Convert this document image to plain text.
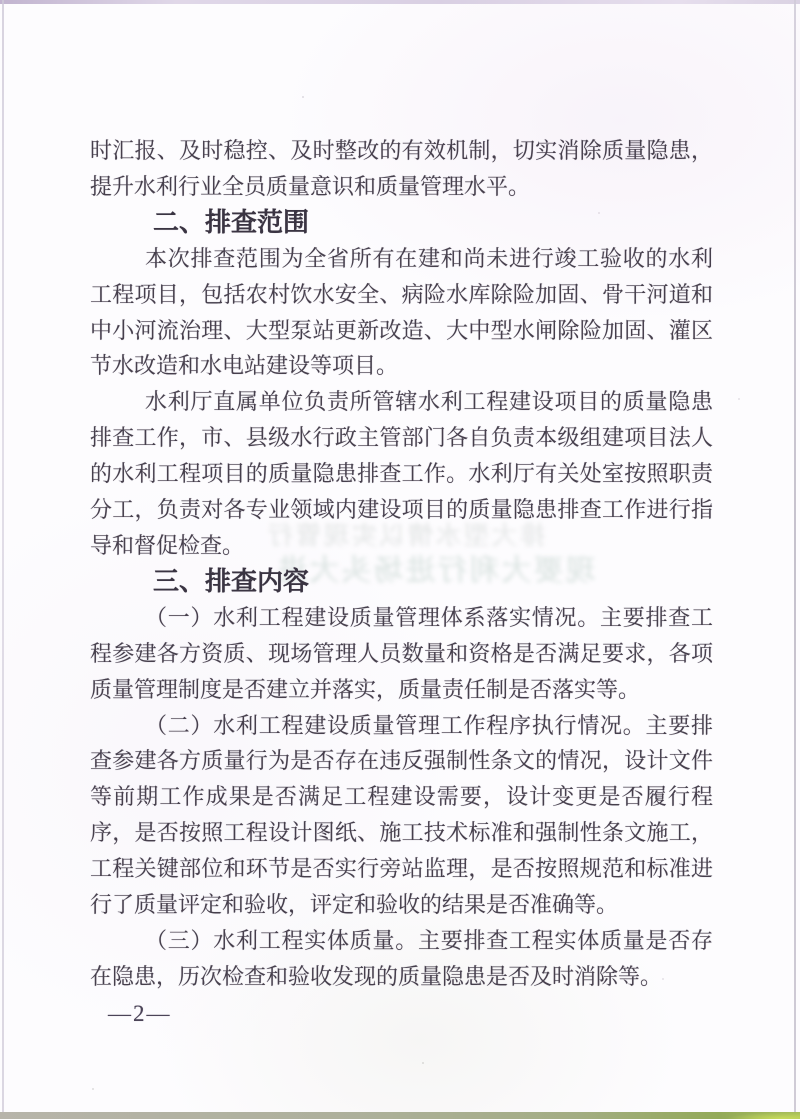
排大型水情以实现管行
现要大利行进场头大进

时汇报、及时稳控、及时整改的有效机制，切实消除质量隐患，提升水利行业全员质量意识和质量管理水平。

二、排查范围

本次排查范围为全省所有在建和尚未进行竣工验收的水利工程项目，包括农村饮水安全、病险水库除险加固、骨干河道和中小河流治理、大型泵站更新改造、大中型水闸除险加固、灌区节水改造和水电站建设等项目。

水利厅直属单位负责所管辖水利工程建设项目的质量隐患排查工作，市、县级水行政主管部门各自负责本级组建项目法人的水利工程项目的质量隐患排查工作。水利厅有关处室按照职责分工，负责对各专业领域内建设项目的质量隐患排查工作进行指导和督促检查。

三、排查内容

（一）水利工程建设质量管理体系落实情况。主要排查工程参建各方资质、现场管理人员数量和资格是否满足要求，各项质量管理制度是否建立并落实，质量责任制是否落实等。

（二）水利工程建设质量管理工作程序执行情况。主要排查参建各方质量行为是否存在违反强制性条文的情况，设计文件等前期工作成果是否满足工程建设需要，设计变更是否履行程序，是否按照工程设计图纸、施工技术标准和强制性条文施工，工程关键部位和环节是否实行旁站监理，是否按照规范和标准进行了质量评定和验收，评定和验收的结果是否准确等。

（三）水利工程实体质量。主要排查工程实体质量是否存在隐患，历次检查和验收发现的质量隐患是否及时消除等。

—2—
